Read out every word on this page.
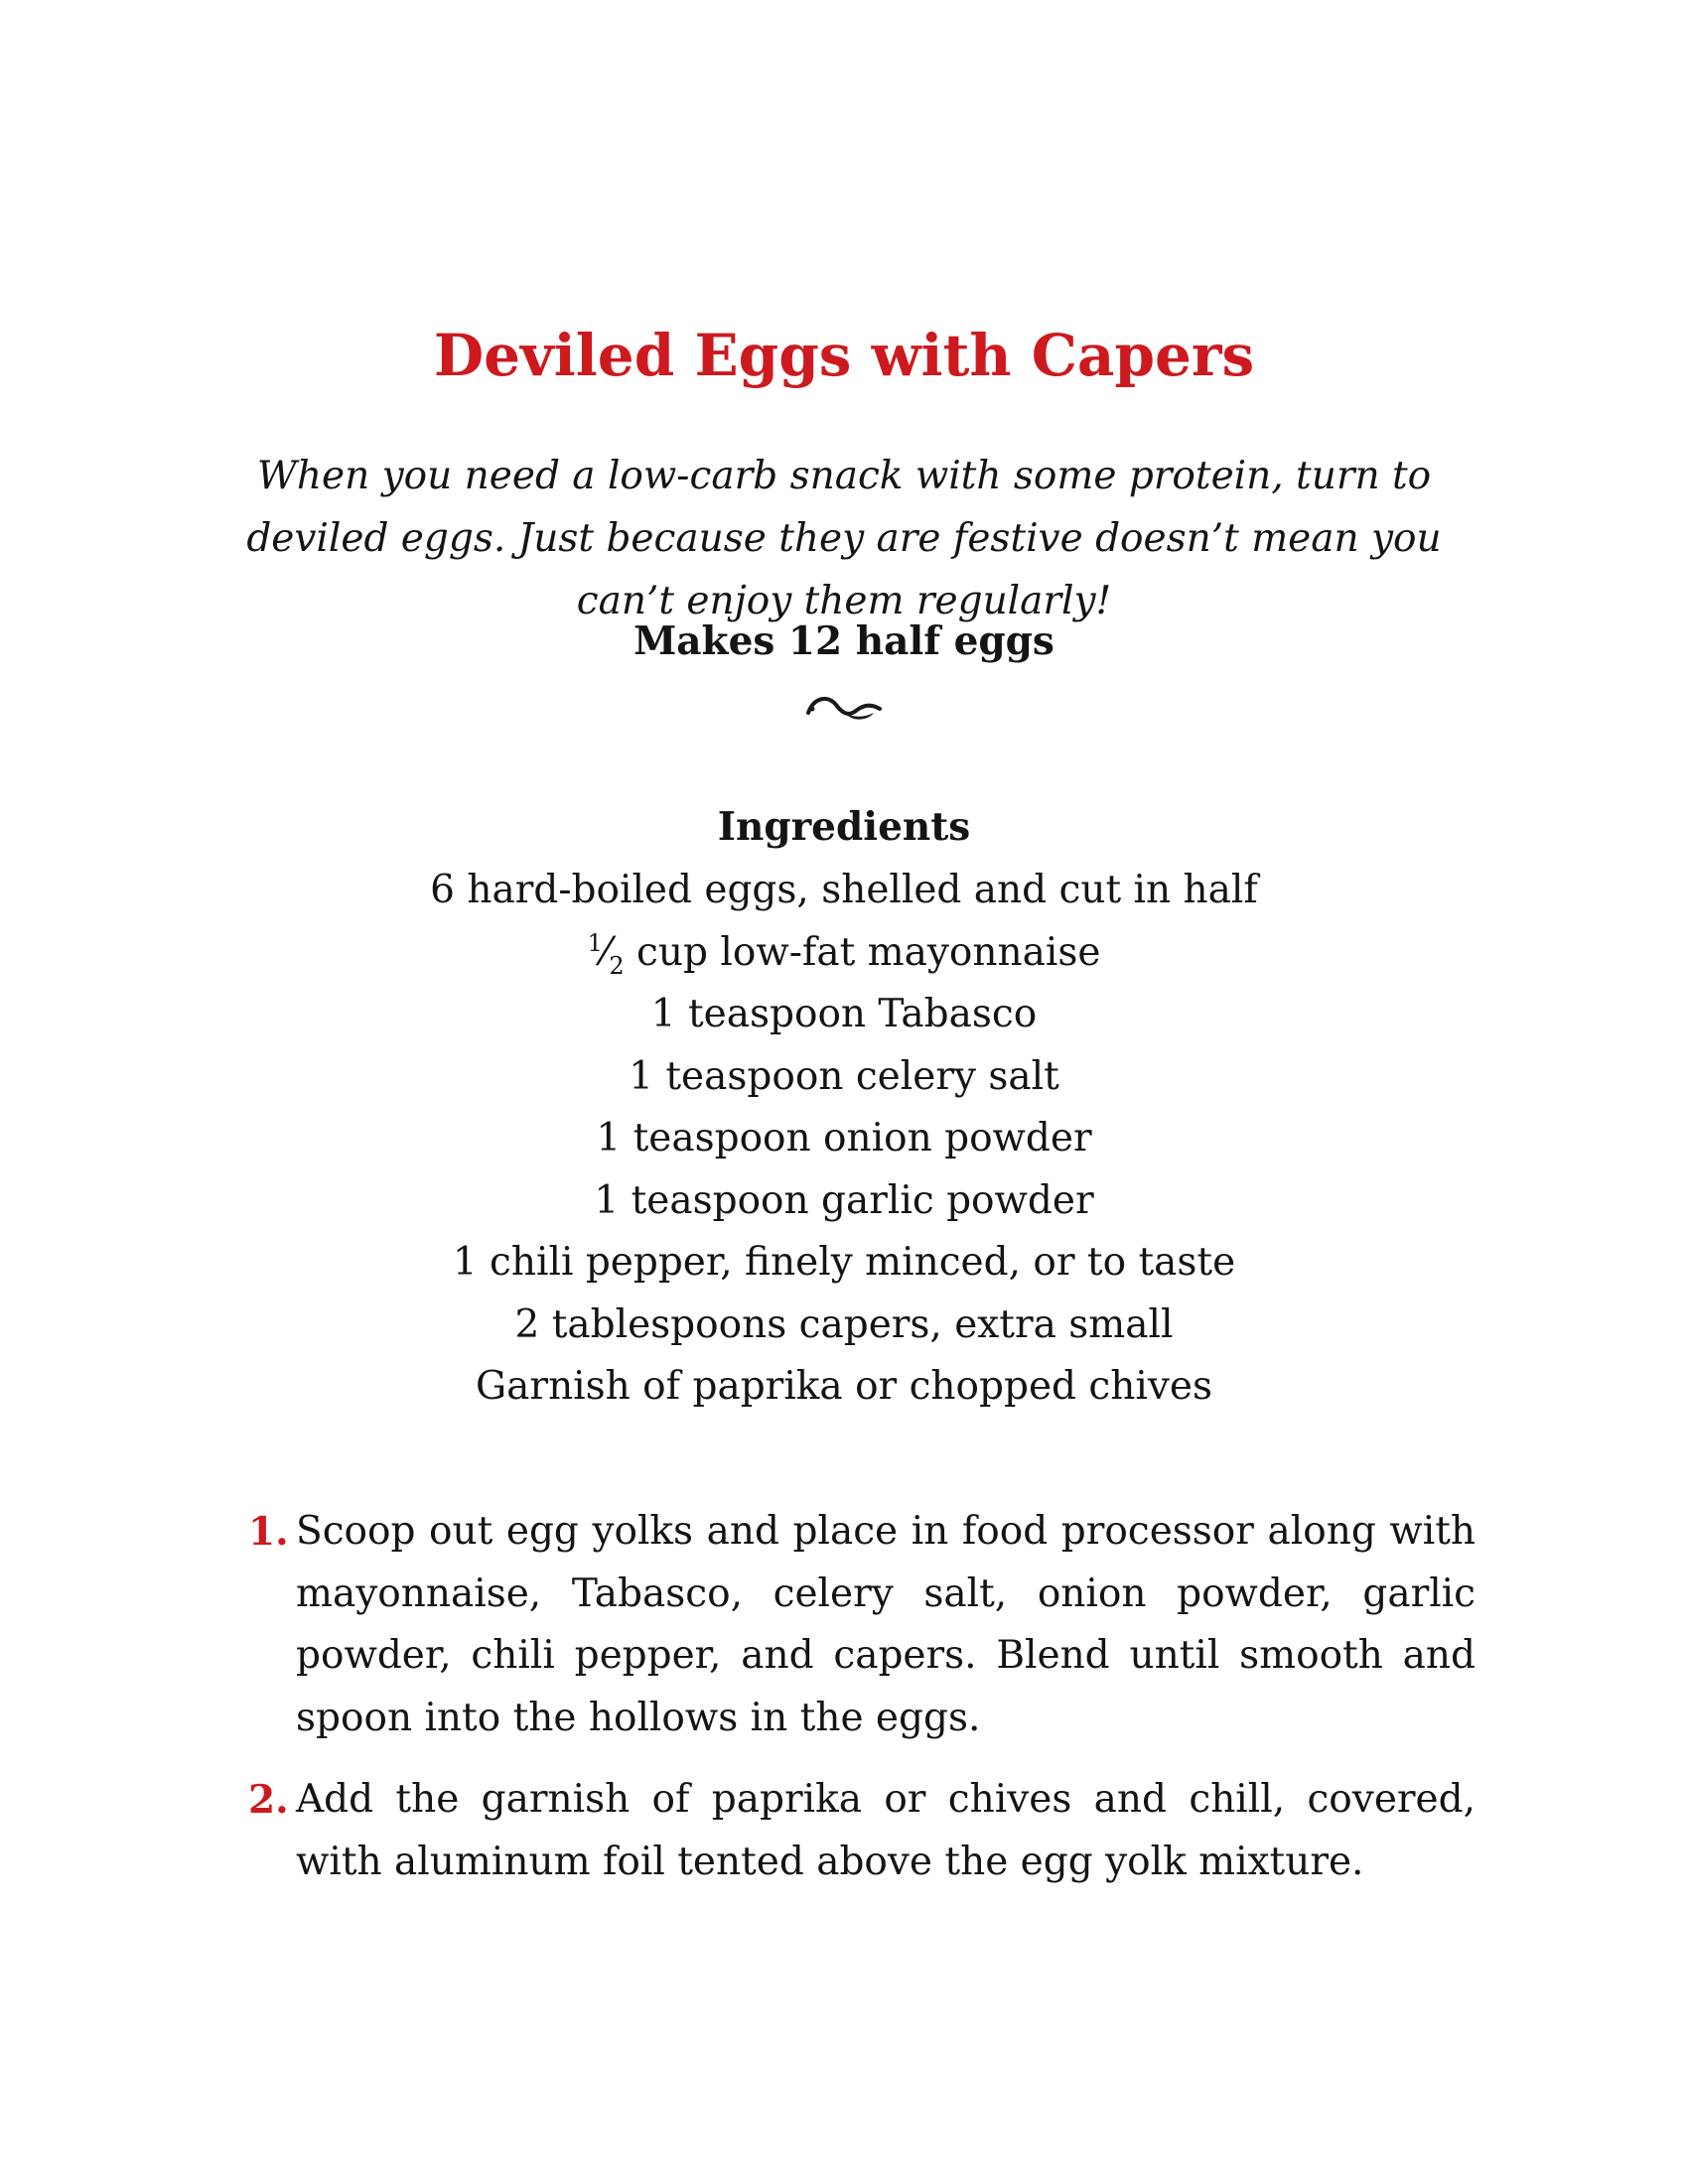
Deviled Eggs with Capers

When you need a low-carb snack with some protein, turn to deviled eggs. Just because they are festive doesn’t mean you can’t enjoy them regularly!

Makes 12 half eggs

Ingredients
6 hard-boiled eggs, shelled and cut in half
$^1⁄_2$ cup low-fat mayonnaise
1 teaspoon Tabasco
1 teaspoon celery salt
1 teaspoon onion powder
1 teaspoon garlic powder
1 chili pepper, finely minced, or to taste
2 tablespoons capers, extra small
Garnish of paprika or chopped chives
1. Scoop out egg yolks and place in food processor along with mayonnaise, Tabasco, celery salt, onion powder, garlic powder, chili pepper, and capers. Blend until smooth and spoon into the hollows in the eggs.
2. Add the garnish of paprika or chives and chill, covered, with aluminum foil tented above the egg yolk mixture.
